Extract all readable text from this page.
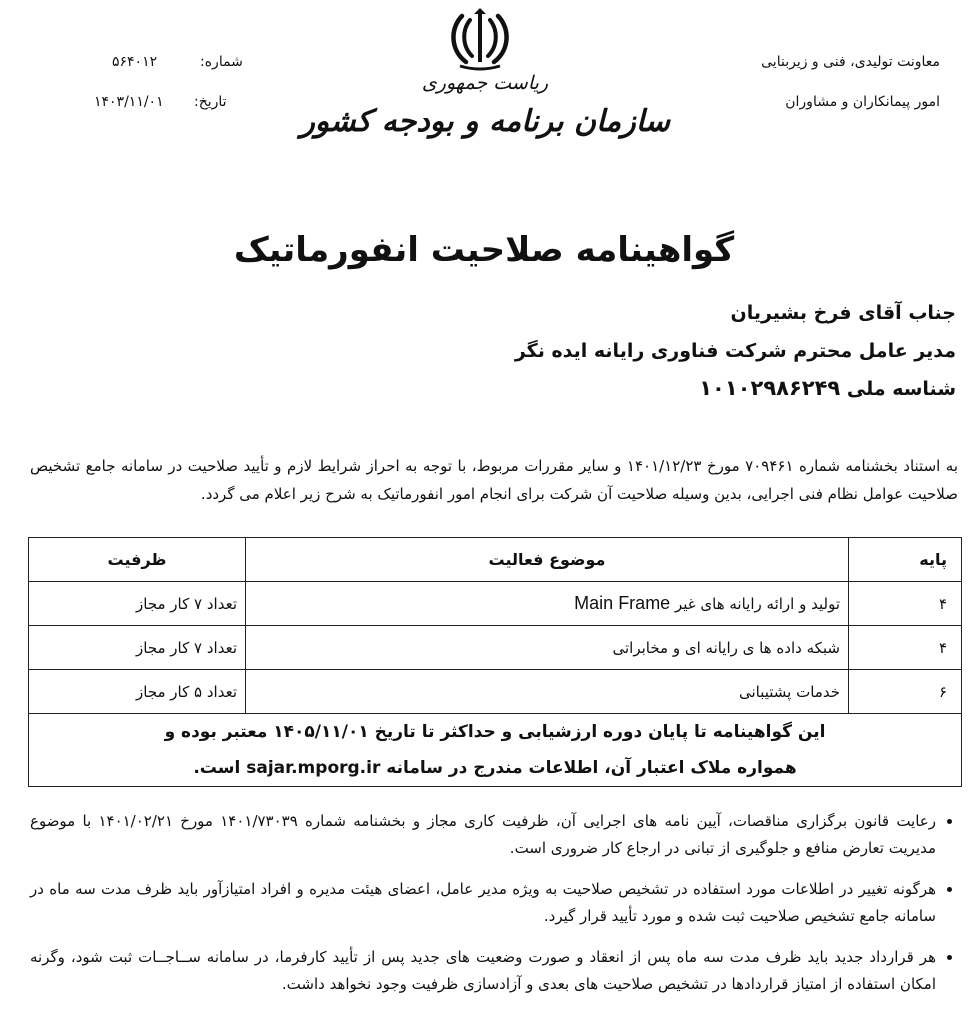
معاونت تولیدی، فنی و زیربنایی
امور پیمانکاران و مشاوران
شماره:
۵۶۴۰۱۲
تاریخ:
۱۴۰۳/۱۱/۰۱
ریاست جمهوری
سازمان برنامه و بودجه کشور
گواهینامه صلاحیت انفورماتیک
جناب آقای فرخ بشیریان
مدیر عامل محترم شرکت فناوری رایانه ایده نگر
شناسه ملی ۱۰۱۰۲۹۸۶۲۴۹
به استناد بخشنامه شماره ۷۰۹۴۶۱ مورخ ۱۴۰۱/۱۲/۲۳ و سایر مقررات مربوط، با توجه به احراز شرایط لازم و تأیید صلاحیت در سامانه جامع تشخیص صلاحیت عوامل نظام فنی اجرایی، بدین وسیله صلاحیت آن شرکت برای انجام امور انفورماتیک به شرح زیر اعلام می گردد.
پایه	موضوع فعالیت	ظرفیت
۴	تولید و ارائه رایانه های غیر Main Frame	تعداد ۷ کار مجاز
۴	شبکه داده ها ی رایانه ای و مخابراتی	تعداد ۷ کار مجاز
۶	خدمات پشتیبانی	تعداد ۵ کار مجاز

این گواهینامه تا پایان دوره ارزشیابی و حداکثر تا تاریخ ۱۴۰۵/۱۱/۰۱ معتبر بوده و
همواره ملاک اعتبار آن، اطلاعات مندرج در سامانه sajar.mporg.ir است.		
• رعایت قانون برگزاری مناقصات، آیین نامه های اجرایی آن، ظرفیت کاری مجاز و بخشنامه شماره ۱۴۰۱/۷۳۰۳۹ مورخ ۱۴۰۱/۰۲/۲۱ با موضوع مدیریت تعارض منافع و جلوگیری از تبانی در ارجاع کار ضروری است.
• هرگونه تغییر در اطلاعات مورد استفاده در تشخیص صلاحیت به ویژه مدیر عامل، اعضای هیئت مدیره و افراد امتیازآور باید ظرف مدت سه ماه در سامانه جامع تشخیص صلاحیت ثبت شده و مورد تأیید قرار گیرد.
• هر قرارداد جدید باید ظرف مدت سه ماه پس از انعقاد و صورت وضعیت های جدید پس از تأیید کارفرما، در سامانه ســاجــات ثبت شود، وگرنه امکان استفاده از امتیاز قراردادها در تشخیص صلاحیت های بعدی و آزادسازی ظرفیت وجود نخواهد داشت.
